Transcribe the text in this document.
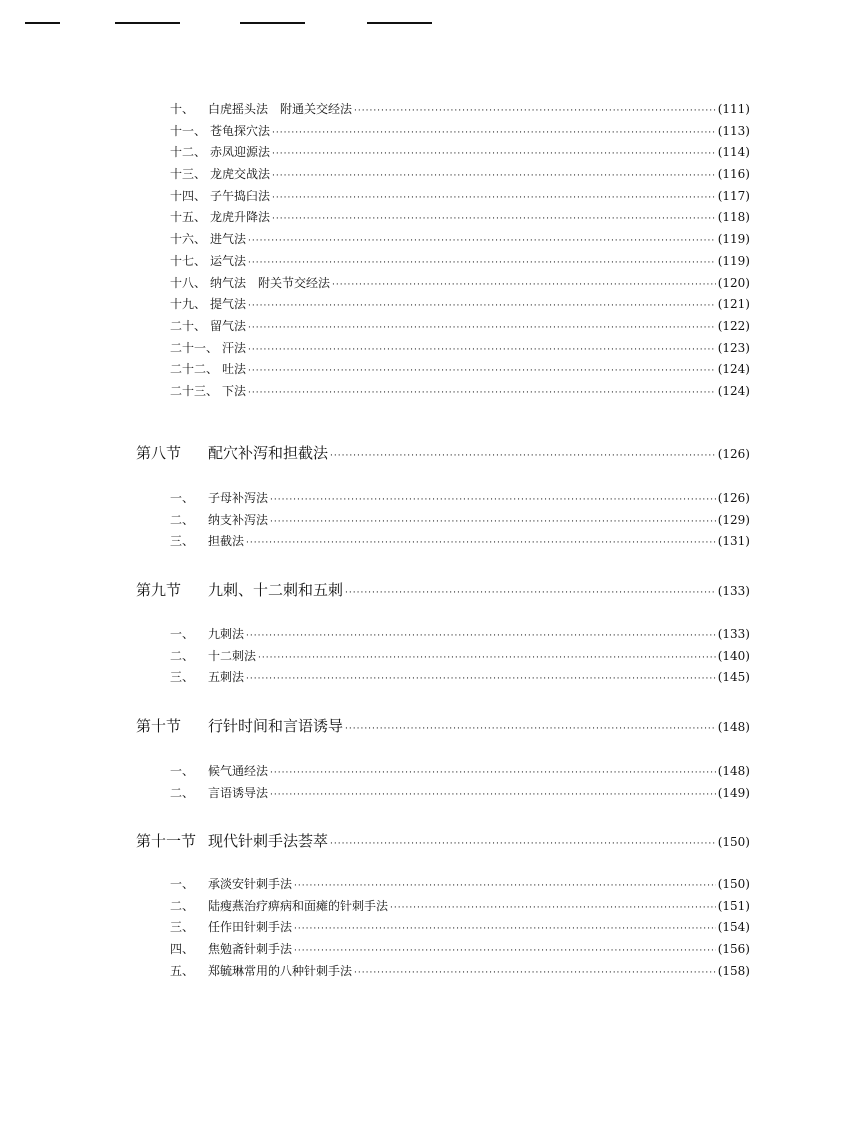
十、	白虎摇头法　附通关交经法 ·····	(111)
十一、 苍龟探穴法 ·····	(113)
十二、 赤凤迎源法 ·····	(114)
十三、 龙虎交战法 ·····	(116)
十四、 子午捣臼法 ·····	(117)
十五、 龙虎升降法 ·····	(118)
十六、 进气法 ·····	(119)
十七、 运气法 ·····	(119)
十八、 纳气法　附关节交经法 ·····	(120)
十九、 提气法 ·····	(121)
二十、 留气法 ·····	(122)
二十一、 汗法 ·····	(123)
二十二、 吐法 ·····	(124)
二十三、 下法 ·····	(124)
第八节	配穴补泻和担截法 ·····	(126)
一、	子母补泻法 ·····	(126)
二、	纳支补泻法 ·····	(129)
三、	担截法 ·····	(131)
第九节	九刺、十二刺和五刺 ·····	(133)
一、	九刺法 ·····	(133)
二、	十二刺法 ·····	(140)
三、	五刺法 ·····	(145)
第十节	行针时间和言语诱导 ·····	(148)
一、	候气通经法 ·····	(148)
二、	言语诱导法 ·····	(149)
第十一节 现代针刺手法荟萃 ·····	(150)
一、	承淡安针刺手法 ·····	(150)
二、	陆瘦燕治疗痹病和面瘫的针刺手法 ·····	(151)
三、	任作田针刺手法 ·····	(154)
四、	焦勉斋针刺手法 ·····	(156)
五、	郑毓琳常用的八种针刺手法 ·····	(158)
